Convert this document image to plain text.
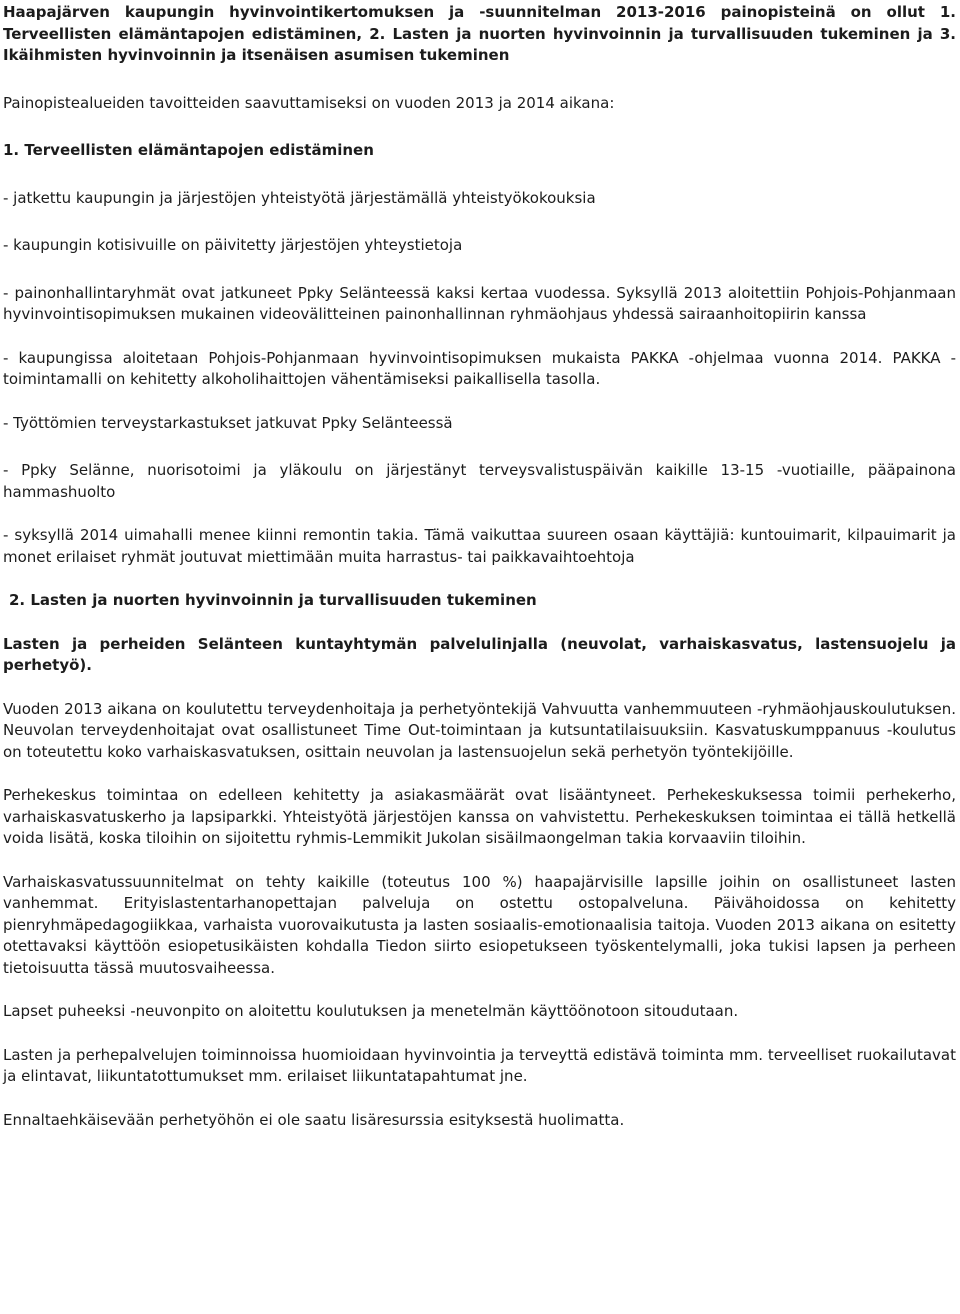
Haapajärven kaupungin hyvinvointikertomuksen ja -suunnitelman 2013-2016 painopisteinä on ollut 1. Terveellisten elämäntapojen edistäminen, 2. Lasten ja nuorten hyvinvoinnin ja turvallisuuden tukeminen ja 3. Ikäihmisten hyvinvoinnin ja itsenäisen asumisen tukeminen

Painopistealueiden tavoitteiden saavuttamiseksi on vuoden 2013 ja 2014 aikana:

1. Terveellisten elämäntapojen edistäminen

- jatkettu kaupungin ja järjestöjen yhteistyötä järjestämällä yhteistyökokouksia

- kaupungin kotisivuille on päivitetty järjestöjen yhteystietoja

- painonhallintaryhmät ovat jatkuneet Ppky Selänteessä kaksi kertaa vuodessa. Syksyllä 2013 aloitettiin Pohjois-Pohjanmaan hyvinvointisopimuksen mukainen videovälitteinen painonhallinnan ryhmäohjaus yhdessä sairaanhoitopiirin kanssa

- kaupungissa aloitetaan Pohjois-Pohjanmaan hyvinvointisopimuksen mukaista PAKKA -ohjelmaa vuonna 2014. PAKKA -toimintamalli on kehitetty alkoholihaittojen vähentämiseksi paikallisella tasolla.

- Työttömien terveystarkastukset jatkuvat Ppky Selänteessä

- Ppky Selänne, nuorisotoimi ja yläkoulu on järjestänyt terveysvalistuspäivän kaikille 13-15 -vuotiaille, pääpainona hammashuolto

- syksyllä 2014 uimahalli menee kiinni remontin takia. Tämä vaikuttaa suureen osaan käyttäjiä: kuntouimarit, kilpauimarit ja monet erilaiset ryhmät joutuvat miettimään muita harrastus- tai paikkavaihtoehtoja

2. Lasten ja nuorten hyvinvoinnin ja turvallisuuden tukeminen

Lasten ja perheiden Selänteen kuntayhtymän palvelulinjalla (neuvolat, varhaiskasvatus, lastensuojelu ja perhetyö).

Vuoden 2013 aikana on koulutettu terveydenhoitaja ja perhetyöntekijä Vahvuutta vanhemmuuteen -ryhmäohjauskoulutuksen. Neuvolan terveydenhoitajat ovat osallistuneet Time Out-toimintaan ja kutsuntatilaisuuksiin. Kasvatuskumppanuus -koulutus on toteutettu koko varhaiskasvatuksen, osittain neuvolan ja lastensuojelun sekä perhetyön työntekijöille.

Perhekeskus toimintaa on edelleen kehitetty ja asiakasmäärät ovat lisääntyneet. Perhekeskuksessa toimii perhekerho, varhaiskasvatuskerho ja lapsiparkki. Yhteistyötä järjestöjen kanssa on vahvistettu. Perhekeskuksen toimintaa ei tällä hetkellä voida lisätä, koska tiloihin on sijoitettu ryhmis-Lemmikit Jukolan sisäilmaongelman takia korvaaviin tiloihin.

Varhaiskasvatussuunnitelmat on tehty kaikille (toteutus 100 %) haapajärvisille lapsille joihin on osallistuneet lasten vanhemmat. Erityislastentarhanopettajan palveluja on ostettu ostopalveluna. Päivähoidossa on kehitetty pienryhmäpedagogiikkaa, varhaista vuorovaikutusta ja lasten sosiaalis-emotionaalisia taitoja. Vuoden 2013 aikana on esitetty otettavaksi käyttöön esiopetusikäisten kohdalla Tiedon siirto esiopetukseen työskentelymalli, joka tukisi lapsen ja perheen tietoisuutta tässä muutosvaiheessa.

Lapset puheeksi -neuvonpito on aloitettu koulutuksen ja menetelmän käyttöönotoon sitoudutaan.

Lasten ja perhepalvelujen toiminnoissa huomioidaan hyvinvointia ja terveyttä edistävä toiminta mm. terveelliset ruokailutavat ja elintavat, liikuntatottumukset mm. erilaiset liikuntatapahtumat jne.

Ennaltaehkäisevään perhetyöhön ei ole saatu lisäresurssia esityksestä huolimatta.
